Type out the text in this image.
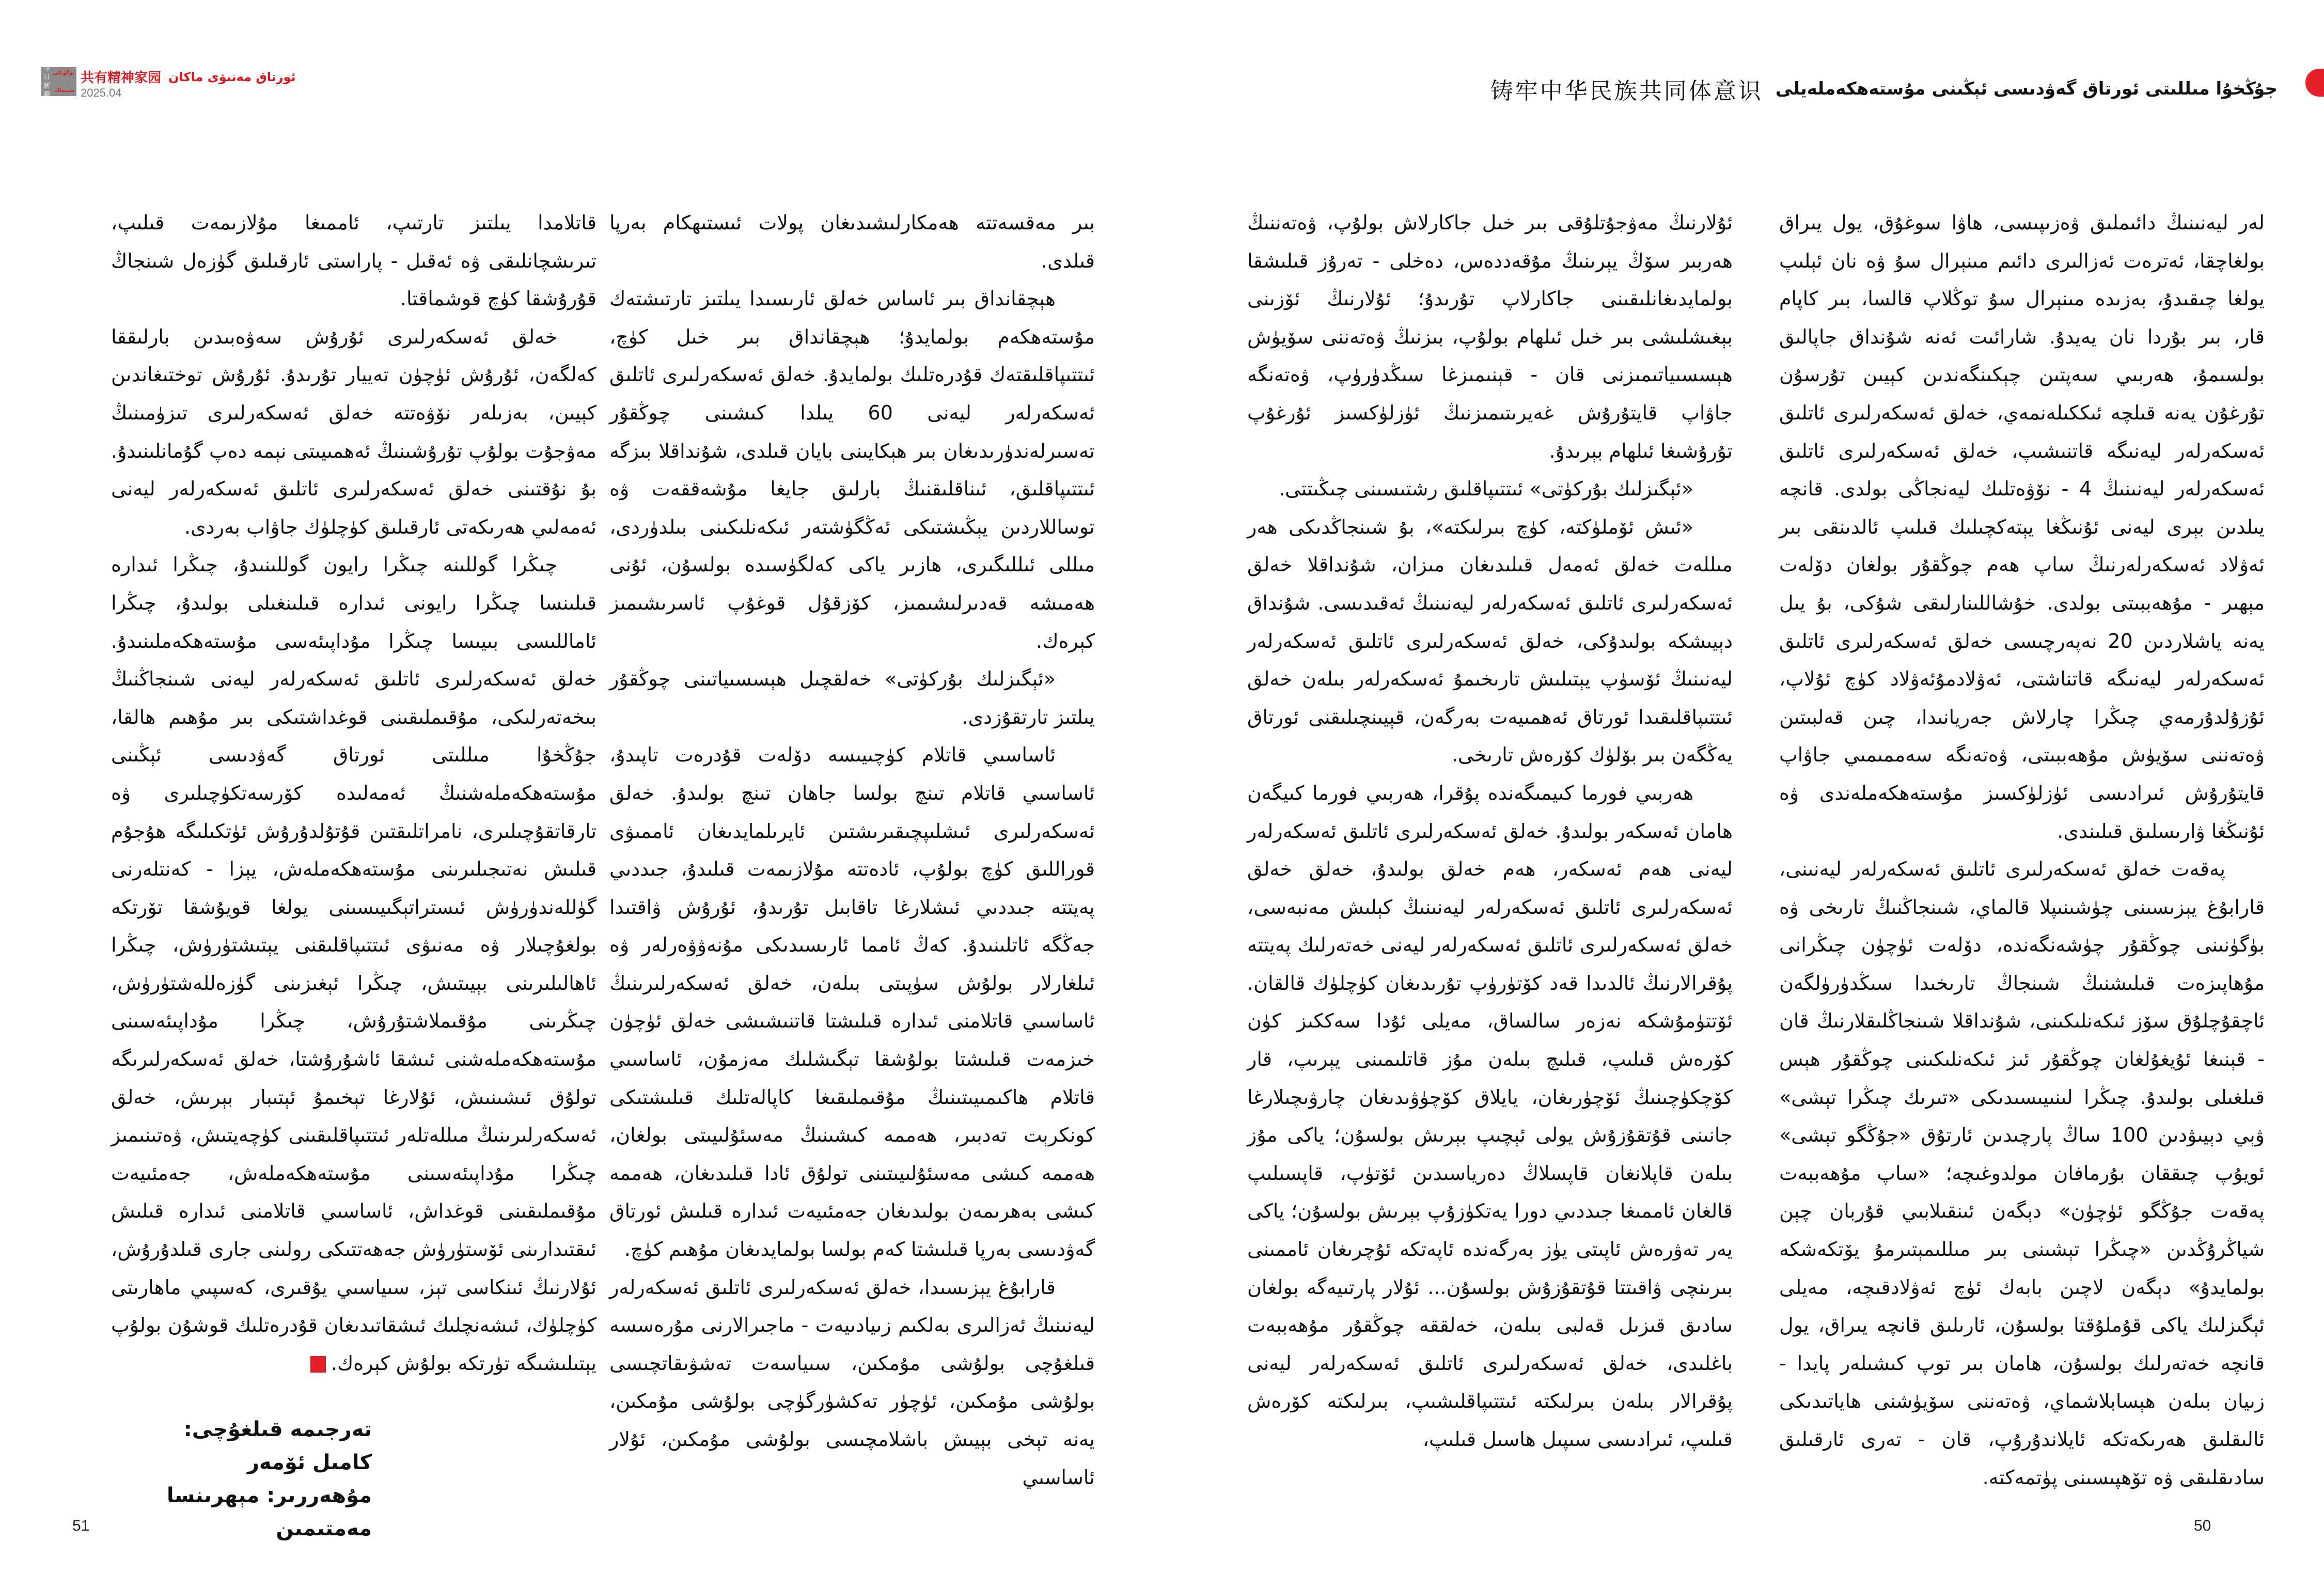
今日
بۈگۈنكى
新疆
شىنجاڭ
共有精神家园 ئورتاق مەنىۋى ماكان
2025.04

قاتلامدا يىلتىز تارتىپ، ئاممىغا مۇلازىمەت قىلىپ، تىرىشچانلىقى ۋە ئەقىل - پاراستى ئارقىلىق گۈزەل شىنجاڭ قۇرۇشقا كۈچ قوشماقتا.

خەلق ئەسكەرلىرى ئۇرۇش سەۋەبىدىن بارلىققا كەلگەن، ئۇرۇش ئۈچۈن تەييار تۇرىدۇ. ئۇرۇش توختىغاندىن كېيىن، بەزىلەر نۆۋەتتە خەلق ئەسكەرلىرى تىزۈمىنىڭ مەۋجۇت بولۇپ تۇرۇشىنىڭ ئەھمىيىتى نېمە دەپ گۇمانلىنىدۇ. بۇ نۇقتىنى خەلق ئەسكەرلىرى ئاتلىق ئەسكەرلەر ليەنى ئەمەلىي ھەرىكەتى ئارقىلىق كۈچلۈك جاۋاب بەردى.

چىڭرا گوللىنە چىڭرا رايون گوللىنىدۇ، چىڭرا ئىدارە قىلىنسا چىڭرا رايونى ئىدارە قىلىنغىلى بولىدۇ، چىڭرا ئاماللىسى بىيىسا چىڭرا مۇداپىئەسى مۇستەھكەملىنىدۇ. خەلق ئەسكەرلىرى ئاتلىق ئەسكەرلەر ليەنى شىنجاڭنىڭ بىخەتەرلىكى، مۇقىملىقىنى قوغداشتىكى بىر مۇھىم ھالقا، جۇڭخۇا مىللىتى ئورتاق گەۋدىسى ئېڭىنى مۇستەھكەملەشنىڭ ئەمەلىدە كۆرسەتكۈچىلىرى ۋە تارقاتقۇچىلىرى، نامراتلىقتىن قۇتۇلدۇرۇش ئۈتكىلىگە ھۇجۇم قىلىش نەتىجىلىرىنى مۇستەھكەملەش، يېزا - كەنتلەرنى گۈللەندۈرۈش ئىستراتېگىيىسىنى يولغا قويۇشقا تۆرتكە بولغۇچىلار ۋە مەنىۋى ئىتتىپاقلىقنى يېتىشتۈرۈش، چىڭرا ئاھالىلىرىنى بېيىتىش، چىڭرا ئېغىزىنى گۈزەللەشتۈرۈش، چىڭرىنى مۇقىملاشتۇرۇش، چىڭرا مۇداپىئەسىنى مۇستەھكەملەشنى ئىشقا ئاشۇرۇشتا، خەلق ئەسكەرلىرىگە تولۇق ئىشىنىش، ئۇلارغا تېخىمۇ ئېتىبار بېرىش، خەلق ئەسكەرلىرىنىڭ مىللەتلەر ئىتتىپاقلىقىنى كۈچەيتىش، ۋەتىنىمىز چىڭرا مۇداپىئەسىنى مۇستەھكەملەش، جەمئىيەت مۇقىملىقىنى قوغداش، ئاساسىي قاتلامنى ئىدارە قىلىش ئىقتىدارىنى ئۆستۈرۈش جەھەتتىكى رولىنى جارى قىلدۇرۇش، ئۇلارنىڭ ئىنكاسى تېز، سىياسىي يۇقىرى، كەسپىي ماھارىتى كۈچلۈك، ئىشەنچلىك ئىشقاتىدىغان قۇدرەتلىك قوشۇن بولۇپ يېتىلىشىگە تۈرتكە بولۇش كېرەك.J

تەرجىمە قىلغۇچى: كامىل ئۆمەر
مۇھەررىر: مېھرىنسا مەمتىمىن

بىر مەقسەتتە ھەمكارلىشىدىغان پولات ئىستىھكام بەرپا قىلدى.

ھېچقانداق بىر ئاساس خەلق ئارىسىدا يىلتىز تارتىشتەك مۇستەھكەم بولمايدۇ؛ ھېچقانداق بىر خىل كۈچ، ئىتتىپاقلىقتەك قۇدرەتلىك بولمايدۇ. خەلق ئەسكەرلىرى ئاتلىق ئەسكەرلەر ليەنى 60 يىلدا كىشىنى چوڭقۇر تەسىرلەندۈرىدىغان بىر ھېكايىنى بايان قىلدى، شۇنداقلا بىزگە ئىتتىپاقلىق، ئىناقلىقنىڭ بارلىق جايغا مۇشەققەت ۋە توساللاردىن يېڭىشتىكى ئەڭگۈشتەر ئىكەنلىكىنى بىلدۈردى، مىللى ئىللىگىرى، ھازىر ياكى كەلگۈسىدە بولسۇن، ئۇنى ھەمىشە قەدىرلىشىمىز، كۆزقۇل قوغۇپ ئاسرىشىمىز كېرەك.

«ئېگىزلىك بۇركۈتى» خەلقچىل ھېسسىياتىنى چوڭقۇر يىلتىز تارتقۇزدى.

ئاساسىي قاتلام كۈچىيىسە دۆلەت قۇدرەت تاپىدۇ، ئاساسىي قاتلام تىنچ بولسا جاھان تىنچ بولىدۇ. خەلق ئەسكەرلىرى ئىشلىپچىقىرىشتىن ئايرىلمايدىغان ئاممىۋى قوراللىق كۈچ بولۇپ، ئادەتتە مۇلازىمەت قىلىدۇ، جىددىي پەيتتە جىددىي ئىشلارغا تاقابىل تۇرىدۇ، ئۇرۇش ۋاقتىدا جەڭگە ئاتلىنىدۇ. كەڭ ئامما ئارىسىدىكى مۇنەۋۋەرلەر ۋە ئىلغارلار بولۇش سۈپىتى بىلەن، خەلق ئەسكەرلىرىنىڭ ئاساسىي قاتلامنى ئىدارە قىلىشتا قاتنىشىشى خەلق ئۈچۈن خىزمەت قىلىشتا بولۇشقا تېگىشلىك مەزمۇن، ئاساسىي قاتلام ھاكىمىيىتىنىڭ مۇقىملىقىغا كاپالەتلىك قىلىشتىكى كونكرېت تەدبىر، ھەممە كىشىنىڭ مەسئۇلىيىتى بولغان، ھەممە كىشى مەسئۇلىيىتىنى تولۇق ئادا قىلىدىغان، ھەممە كىشى بەھرىمەن بولىدىغان جەمئىيەت ئىدارە قىلىش ئورتاق گەۋدىسى بەرپا قىلىشتا كەم بولسا بولمايدىغان مۇھىم كۈچ.

قارابۇغ يېزىسىدا، خەلق ئەسكەرلىرى ئاتلىق ئەسكەرلەر ليەنىنىڭ ئەزالىرى بەلكىم زىيادىيەت - ماجىرالارنى مۇرەسسە قىلغۇچى بولۇشى مۇمكىن، سىياسەت تەشۋىقاتچىسى بولۇشى مۇمكىن، ئۈچۈر تەكشۈرگۈچى بولۇشى مۇمكىن، يەنە تېخى بېيىش باشلامچىسى بولۇشى مۇمكىن، ئۇلار ئاساسىي

51
铸牢中华民族共同体意识 جۇڭخۇا مىللىتى ئورتاق گەۋدىسى ئېڭىنى مۇستەھكەملەيلى

ئۇلارنىڭ مەۋجۇتلۇقى بىر خىل جاكارلاش بولۇپ، ۋەتەننىڭ ھەربىر سۆڭ يېرىنىڭ مۇقەددەس، دەخلى - تەرۇز قىلىشقا بولمايدىغانلىقىنى جاكارلاپ تۇرىدۇ؛ ئۇلارنىڭ ئۆزىنى بېغىشلىشى بىر خىل ئىلھام بولۇپ، بىزنىڭ ۋەتەننى سۆيۈش ھېسسىياتىمىزنى قان - قېنىمىزغا سىڭدۈرۈپ، ۋەتەنگە جاۋاپ قايتۇرۇش غەيرىتىمىزنىڭ ئۈزلۈكسىز ئۇرغۇپ تۇرۇشىغا ئىلھام بېرىدۇ.

«ئېگىزلىك بۇركۈتى» ئىتتىپاقلىق رشتىسىنى چىڭىتتى.

«ئىش ئۆملۈكتە، كۈچ بىرلىكتە»، بۇ شىنجاڭدىكى ھەر مىللەت خەلق ئەمەل قىلىدىغان مىزان، شۇنداقلا خەلق ئەسكەرلىرى ئاتلىق ئەسكەرلەر ليەنىنىڭ ئەقىدىسى. شۇنداق دېيىشكە بولىدۇكى، خەلق ئەسكەرلىرى ئاتلىق ئەسكەرلەر ليەنىنىڭ ئۆسۈپ يېتىلىش تارىخىمۇ ئەسكەرلەر بىلەن خەلق ئىتتىپاقلىقىدا ئورتاق ئەھمىيەت بەرگەن، قېيىنچىلىقنى ئورتاق يەڭگەن بىر بۆلۈك كۆرەش تارىخى.

ھەربىي فورما كىيمىگەندە پۇقرا، ھەربىي فورما كىيگەن ھامان ئەسكەر بولىدۇ. خەلق ئەسكەرلىرى ئاتلىق ئەسكەرلەر ليەنى ھەم ئەسكەر، ھەم خەلق بولىدۇ، خەلق خەلق ئەسكەرلىرى ئاتلىق ئەسكەرلەر ليەنىنىڭ كېلىش مەنبەسى، خەلق ئەسكەرلىرى ئاتلىق ئەسكەرلەر ليەنى خەتەرلىك پەيتتە پۇقرالارنىڭ ئالدىدا قەد كۆتۈرۈپ تۇرىدىغان كۈچلۈك قالقان. ئۆتتۈمۇشكە نەزەر سالساق، مەيلى ئۇدا سەككىز كۈن كۆرەش قىلىپ، قىلىچ بىلەن مۇز قاتلىمىنى يېرىپ، قار كۆچكۈچىنىڭ ئۆچۈرىغان، يايلاق كۆچۈۋىدىغان چارۋىچىلارغا جانىنى قۇتقۇزۇش يولى ئېچىپ بېرىش بولسۇن؛ ياكى مۇز بىلەن قاپلانغان قاپسلاڭ دەرياسىدىن ئۆتۈپ، قاپسىلىپ قالغان ئاممىغا جىددىي دورا يەتكۈزۇپ بېرىش بولسۇن؛ ياكى يەر تەۋرەش ئاپىتى يۈز بەرگەندە ئاپەتكە ئۇچرىغان ئاممىنى بىرىنچى ۋاقىتتا قۇتقۇزۇش بولسۇن... ئۇلار پارتىيەگە بولغان سادىق قىزىل قەلبى بىلەن، خەلققە چوڭقۇر مۇھەببەت باغلىدى، خەلق ئەسكەرلىرى ئاتلىق ئەسكەرلەر ليەنى پۇقرالار بىلەن بىرلىكتە ئىتتىپاقلىشىپ، بىرلىكتە كۆرەش قىلىپ، ئىرادىسى سىپىل ھاسىل قىلىپ،

لەر ليەنىنىڭ دائىملىق ۋەزىپىسى، ھاۋا سوغۇق، يول يىراق بولغاچقا، ئەترەت ئەزالىرى دائىم مىنېرال سۇ ۋە نان ئېلىپ يولغا چىقىدۇ، بەزىدە مىنېرال سۇ توڭلاپ قالسا، بىر كاپام قار، بىر بۇردا نان يەيدۇ. شارائىت ئەنە شۇنداق جاپالىق بولسىمۇ، ھەربىي سەپتىن چېكىنگەندىن كېيىن تۇرسۇن تۇرغۇن يەنە قىلچە ئىككىلەنمەي، خەلق ئەسكەرلىرى ئاتلىق ئەسكەرلەر ليەنىگە قاتنىشىپ، خەلق ئەسكەرلىرى ئاتلىق ئەسكەرلەر ليەنىنىڭ 4 - نۆۋەتلىك ليەنجاڭى بولدى. قانچە يىلدىن بېرى ليەنى ئۇنىڭغا يېتەكچىلىك قىلىپ ئالدىنقى بىر ئەۋلاد ئەسكەرلەرنىڭ ساپ ھەم چوڭقۇر بولغان دۆلەت مېھىر - مۇھەببىتى بولدى. خۇشاللىنارلىقى شۇكى، بۇ يىل يەنە ياشلاردىن 20 نەپەرچىسى خەلق ئەسكەرلىرى ئاتلىق ئەسكەرلەر ليەنىگە قاتناشتى، ئەۋلادمۇئەۋلاد كۈچ ئۇلاپ، ئۇزۇلدۇرمەي چىڭرا چارلاش جەريانىدا، چىن قەلبىتىن ۋەتەننى سۆيۈش مۇھەببىتى، ۋەتەنگە سەممىمىي جاۋاپ قايتۇرۇش ئىرادىسى ئۈزلۈكسىز مۇستەھكەملەندى ۋە ئۇنىڭغا ۋارىسلىق قىلىندى.

پەقەت خەلق ئەسكەرلىرى ئاتلىق ئەسكەرلەر ليەنىنى، قارابۇغ يېزىسىنى چۈشىنىپلا قالماي، شىنجاڭنىڭ تارىخى ۋە بۈگۈنىنى چوڭقۇر چۈشەنگەندە، دۆلەت ئۈچۈن چىڭرانى مۇھاپىزەت قىلىشنىڭ شىنجاڭ تارىخىدا سىڭدۈرۈلگەن ئاچقۇچلۇق سۆز ئىكەنلىكىنى، شۇنداقلا شىنجاڭلىقلارنىڭ قان - قېنىغا ئۇيغۇلغان چوڭقۇر ئىز ئىكەنلىكىنى چوڭقۇر ھېس قىلغىلى بولىدۇ. چىڭرا لىنىيىسىدىكى «تىرىك چىڭرا تېشى» ۋېي دېيىۋدىن 100 ساڭ پارچىدىن ئارتۇق «جۇڭگو تېشى» ئويۇپ چىققان بۇرمافان مولدوغىچە؛ «ساپ مۇھەببەت پەقەت جۇڭگو ئۈچۈن» دېگەن ئىنقىلابىي قۇربان چېن شياڭرۇڭدىن «چىڭرا تېشىنى بىر مىللىمېتىرمۇ يۆتكەشكە بولمايدۇ» دېگەن لاچىن بابەك ئۈچ ئەۋلادقىچە، مەيلى ئېگىزلىك ياكى قۇملۇقتا بولسۇن، ئارىلىق قانچە يىراق، يول قانچە خەتەرلىك بولسۇن، ھامان بىر توپ كىشىلەر پايدا - زىيان بىلەن ھېسابلاشماي، ۋەتەننى سۆيۈشنى ھاياتىدىكى ئالىقلىق ھەرىكەتكە ئايلاندۇرۇپ، قان - تەرى ئارقىلىق سادىقلىقى ۋە تۆھپىسىنى پۈتمەكتە.

50
